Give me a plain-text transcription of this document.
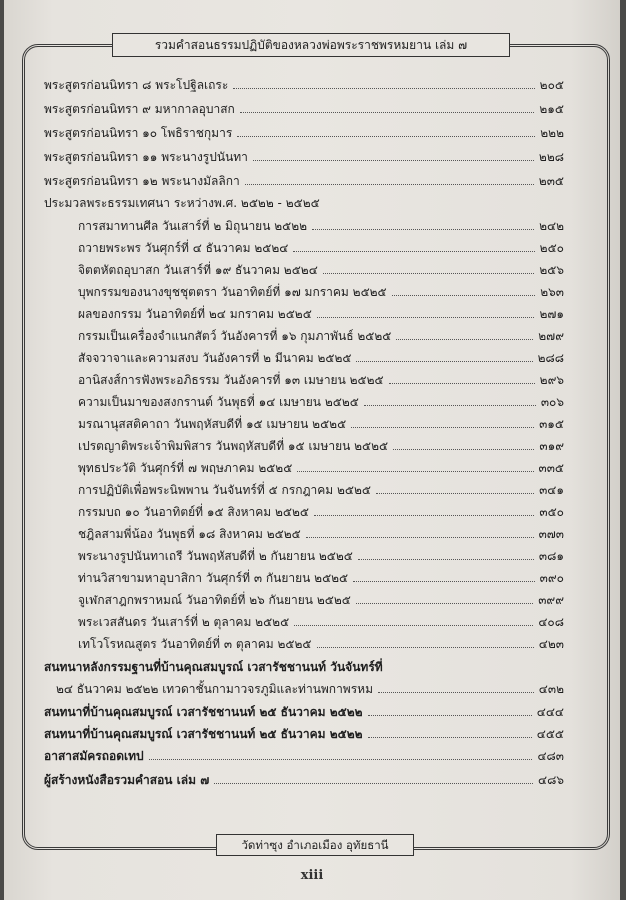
รวมคำสอนธรรมปฏิบัติของหลวงพ่อพระราชพรหมยาน เล่ม ๗
พระสูตรก่อนนิทรา ๘ พระโปฐิลเถระ	๒๐๕
พระสูตรก่อนนิทรา ๙ มหากาลอุบาสก	๒๑๕
พระสูตรก่อนนิทรา ๑๐ โพธิราชกุมาร	๒๒๒
พระสูตรก่อนนิทรา ๑๑ พระนางรูปนันทา	๒๒๘
พระสูตรก่อนนิทรา ๑๒ พระนางมัลลิกา	๒๓๕
ประมวลพระธรรมเทศนา ระหว่างพ.ศ. ๒๕๒๒ - ๒๕๒๕
การสมาทานศีล วันเสาร์ที่ ๒ มิถุนายน ๒๕๒๒	๒๔๒
ถวายพระพร วันศุกร์ที่ ๔ ธันวาคม ๒๕๒๔	๒๕๐
จิตตหัตถอุบาสก วันเสาร์ที่ ๑๙ ธันวาคม ๒๕๒๔	๒๕๖
บุพกรรมของนางขุชชุตตรา วันอาทิตย์ที่ ๑๗ มกราคม ๒๕๒๕	๒๖๓
ผลของกรรม วันอาทิตย์ที่ ๒๔ มกราคม ๒๕๒๕	๒๗๑
กรรมเป็นเครื่องจำแนกสัตว์ วันอังคารที่ ๑๖ กุมภาพันธ์ ๒๕๒๕	๒๗๙
สัจจวาจาและความสงบ วันอังคารที่ ๒ มีนาคม ๒๕๒๕	๒๘๘
อานิสงส์การฟังพระอภิธรรม วันอังคารที่ ๑๓ เมษายน ๒๕๒๕	๒๙๖
ความเป็นมาของสงกรานต์ วันพุธที่ ๑๔ เมษายน ๒๕๒๕	๓๐๖
มรณานุสสติคาถา วันพฤหัสบดีที่ ๑๕ เมษายน ๒๕๒๕	๓๑๕
เปรตญาติพระเจ้าพิมพิสาร วันพฤหัสบดีที่ ๑๕ เมษายน ๒๕๒๕	๓๑๙
พุทธประวัติ วันศุกร์ที่ ๗ พฤษภาคม ๒๕๒๕	๓๓๕
การปฏิบัติเพื่อพระนิพพาน วันจันทร์ที่ ๕ กรกฎาคม ๒๕๒๕	๓๔๑
กรรมบถ ๑๐ วันอาทิตย์ที่ ๑๕ สิงหาคม ๒๕๒๕	๓๕๐
ชฎิลสามพี่น้อง วันพุธที่ ๑๘ สิงหาคม ๒๕๒๕	๓๗๓
พระนางรูปนันทาเถรี วันพฤหัสบดีที่ ๒ กันยายน ๒๕๒๕	๓๘๑
ท่านวิสาขามหาอุบาสิกา วันศุกร์ที่ ๓ กันยายน ๒๕๒๕	๓๙๐
จูเฬกสาฎกพราหมณ์ วันอาทิตย์ที่ ๒๖ กันยายน ๒๕๒๕	๓๙๙
พระเวสสันดร วันเสาร์ที่ ๒ ตุลาคม ๒๕๒๕	๔๐๘
เทโวโรหณสูตร วันอาทิตย์ที่ ๓ ตุลาคม ๒๕๒๕	๔๒๓
สนทนาหลังกรรมฐานที่บ้านคุณสมบูรณ์ เวสารัชชานนท์ วันจันทร์ที่
๒๔ ธันวาคม ๒๕๒๒ เทวดาชั้นกามาวจรภูมิและท่านพกาพรหม	๔๓๒
สนทนาที่บ้านคุณสมบูรณ์ เวสารัชชานนท์ ๒๕ ธันวาคม ๒๕๒๒	๔๔๔
สนทนาที่บ้านคุณสมบูรณ์ เวสารัชชานนท์ ๒๕ ธันวาคม ๒๕๒๒	๔๕๕
อาสาสมัครถอดเทป	๔๘๓
ผู้สร้างหนังสือรวมคำสอน เล่ม ๗	๔๘๖
วัดท่าซุง อำเภอเมือง อุทัยธานี
xiii
